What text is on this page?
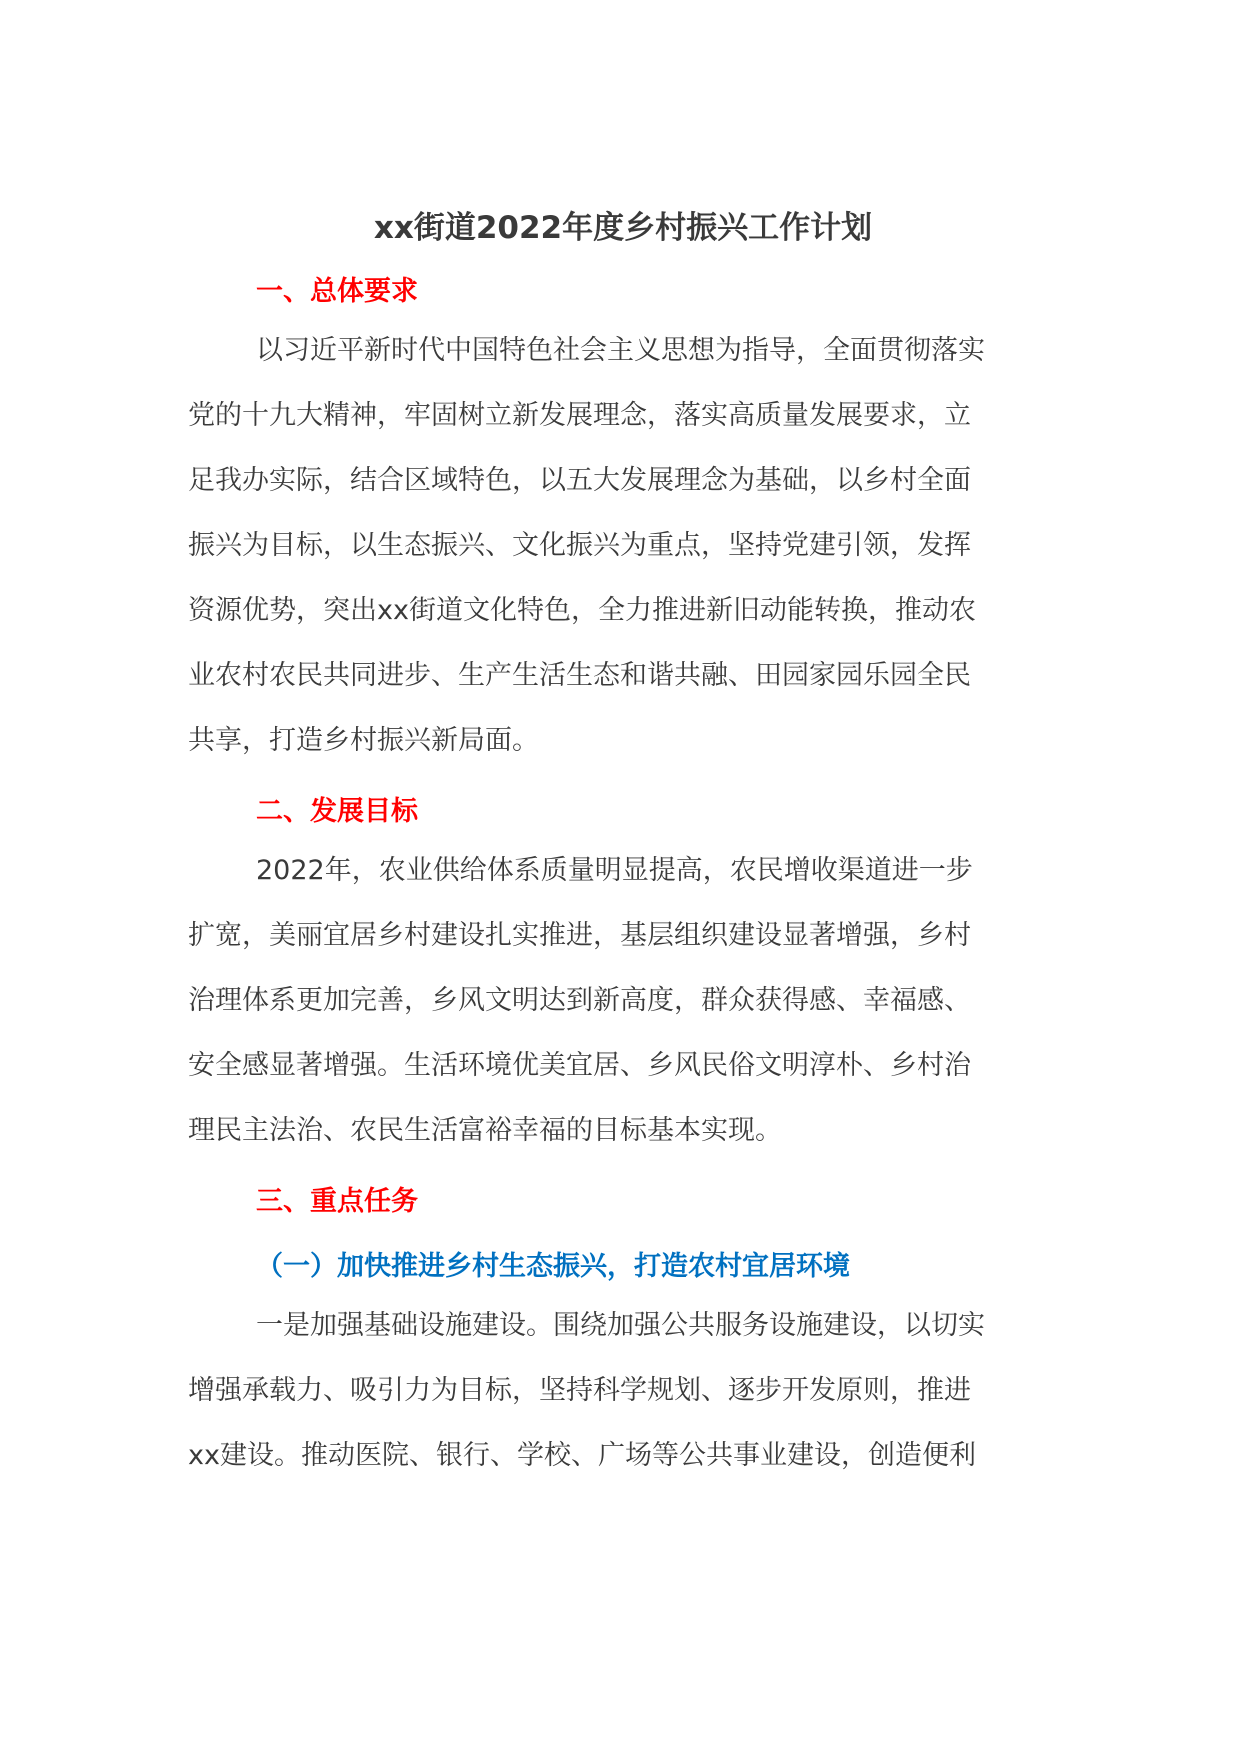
xx街道2022年度乡村振兴工作计划
一、总体要求
以习近平新时代中国特色社会主义思想为指导，全面贯彻落实
党的十九大精神，牢固树立新发展理念，落实高质量发展要求，立
足我办实际，结合区域特色，以五大发展理念为基础，以乡村全面
振兴为目标，以生态振兴、文化振兴为重点，坚持党建引领，发挥
资源优势，突出xx街道文化特色，全力推进新旧动能转换，推动农
业农村农民共同进步、生产生活生态和谐共融、田园家园乐园全民
共享，打造乡村振兴新局面。
二、发展目标
2022年，农业供给体系质量明显提高，农民增收渠道进一步
扩宽，美丽宜居乡村建设扎实推进，基层组织建设显著增强，乡村
治理体系更加完善，乡风文明达到新高度，群众获得感、幸福感、
安全感显著增强。生活环境优美宜居、乡风民俗文明淳朴、乡村治
理民主法治、农民生活富裕幸福的目标基本实现。
三、重点任务
（一）加快推进乡村生态振兴，打造农村宜居环境
一是加强基础设施建设。围绕加强公共服务设施建设，以切实
增强承载力、吸引力为目标，坚持科学规划、逐步开发原则，推进
xx建设。推动医院、银行、学校、广场等公共事业建设，创造便利
